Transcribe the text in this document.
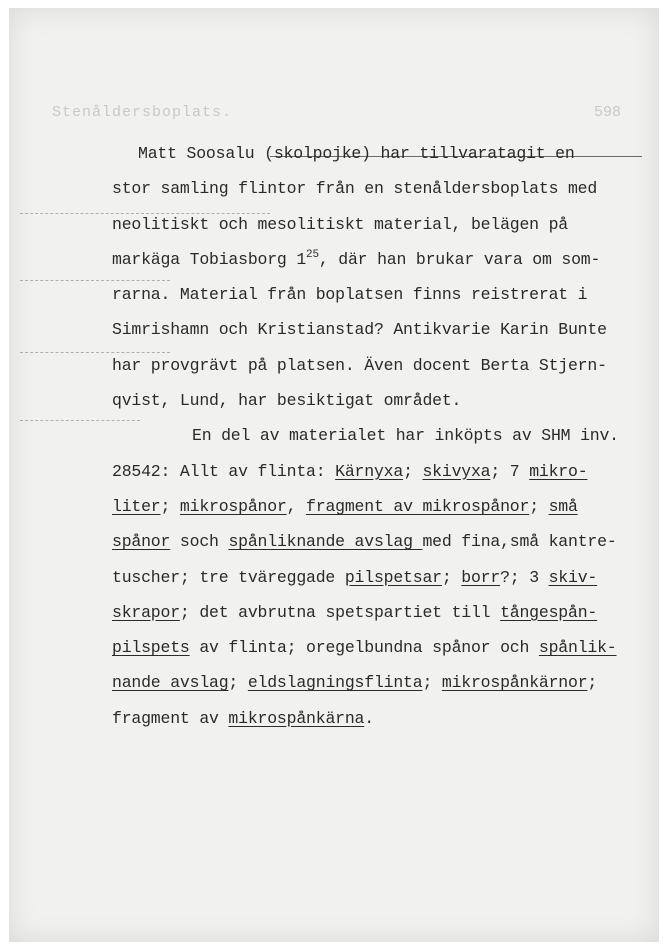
Stenåldersboplats.	598
Matt Soosalu (skolpojke) har tillvaratagit en
stor samling flintor från en stenåldersboplats med
neolitiskt och mesolitiskt material, belägen på
markäga Tobiasborg $1^{25}$, där han brukar vara om som-
rarna. Material från boplatsen finns reistrerat i
Simrishamn och Kristianstad? Antikvarie Karin Bunte
har provgrävt på platsen. Även docent Berta Stjern-
qvist, Lund, har besiktigat området.
En del av materialet har inköpts av SHM inv.
28542: Allt av flinta: Kärnyxa; skivyxa; 7 mikro-
liter; mikrospånor, fragment av mikrospånor; små
spånor soch spånliknande avslag med fina,små kantre-
tuscher; tre tväreggade pilspetsar; borr?; 3 skiv-
skrapor; det avbrutna spetspartiet till tångespån-
pilspets av flinta; oregelbundna spånor och spånlik-
nande avslag; eldslagningsflinta; mikrospånkärnor;
fragment av mikrospånkärna.
